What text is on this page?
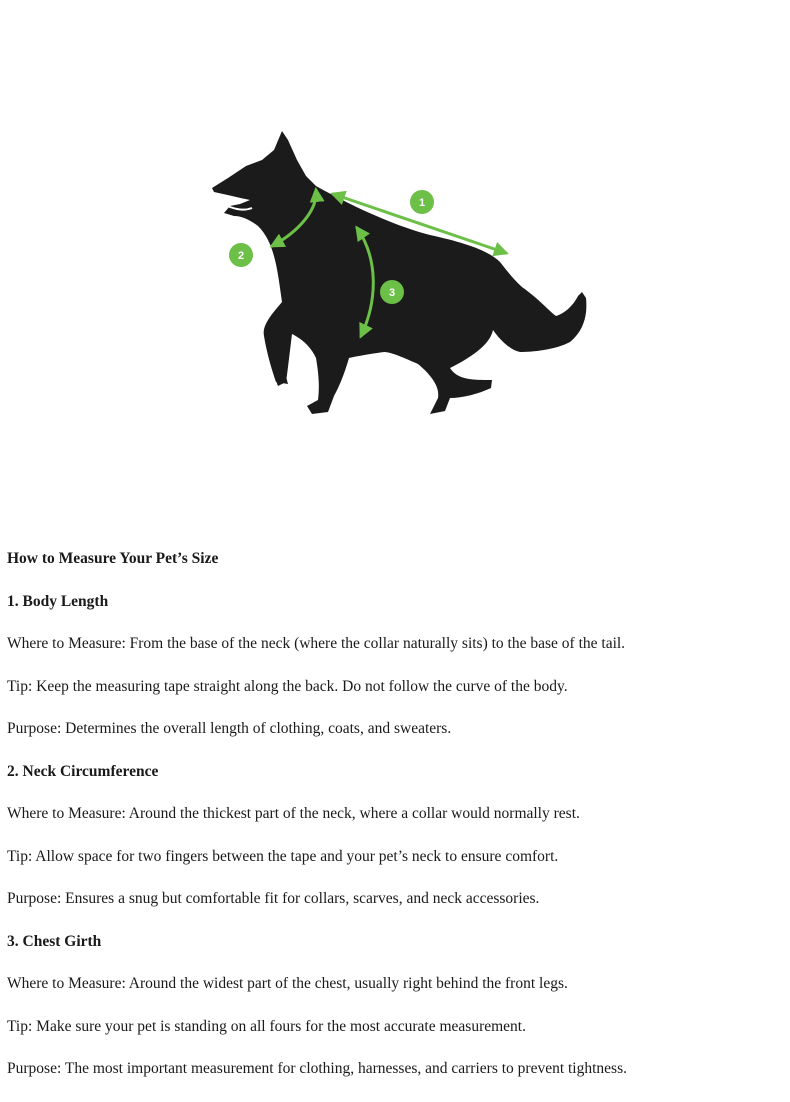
1
2
3
How to Measure Your Pet’s Size
1. Body Length
Where to Measure: From the base of the neck (where the collar naturally sits) to the base of the tail.
Tip: Keep the measuring tape straight along the back. Do not follow the curve of the body.
Purpose: Determines the overall length of clothing, coats, and sweaters.
2. Neck Circumference
Where to Measure: Around the thickest part of the neck, where a collar would normally rest.
Tip: Allow space for two fingers between the tape and your pet’s neck to ensure comfort.
Purpose: Ensures a snug but comfortable fit for collars, scarves, and neck accessories.
3. Chest Girth
Where to Measure: Around the widest part of the chest, usually right behind the front legs.
Tip: Make sure your pet is standing on all fours for the most accurate measurement.
Purpose: The most important measurement for clothing, harnesses, and carriers to prevent tightness.
